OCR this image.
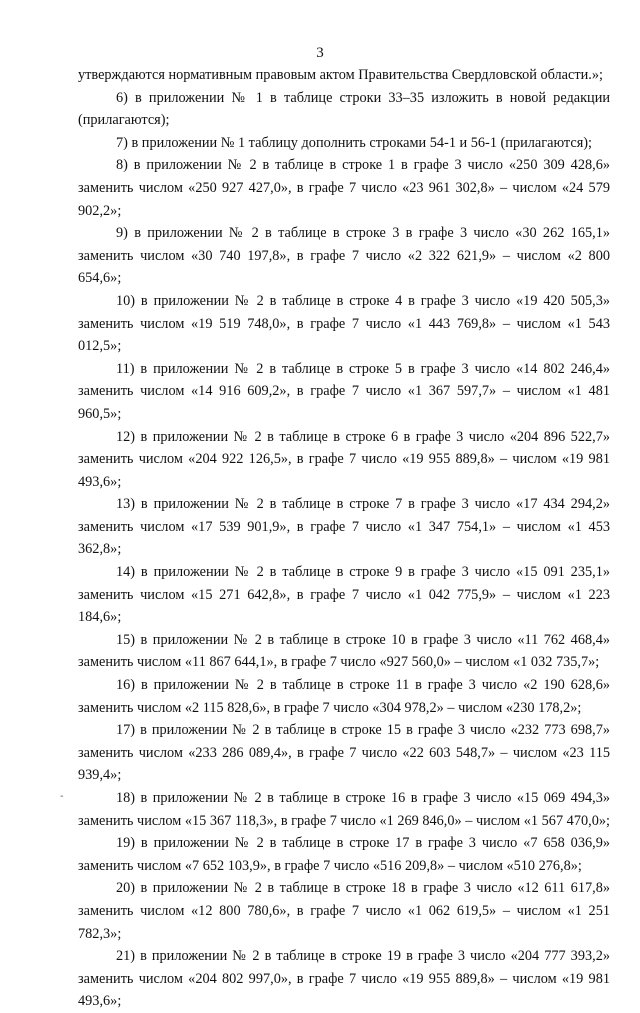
3

утверждаются нормативным правовым актом Правительства Свердловской области.»;

6) в приложении № 1 в таблице строки 33–35 изложить в новой редакции (прилагаются);

7) в приложении № 1 таблицу дополнить строками 54-1 и 56-1 (прилагаются);

8) в приложении № 2 в таблице в строке 1 в графе 3 число «250 309 428,6» заменить числом «250 927 427,0», в графе 7 число «23 961 302,8» – числом «24 579 902,2»;

9) в приложении № 2 в таблице в строке 3 в графе 3 число «30 262 165,1» заменить числом «30 740 197,8», в графе 7 число «2 322 621,9» – числом «2 800 654,6»;

10) в приложении № 2 в таблице в строке 4 в графе 3 число «19 420 505,3» заменить числом «19 519 748,0», в графе 7 число «1 443 769,8» – числом «1 543 012,5»;

11) в приложении № 2 в таблице в строке 5 в графе 3 число «14 802 246,4» заменить числом «14 916 609,2», в графе 7 число «1 367 597,7» – числом «1 481 960,5»;

12) в приложении № 2 в таблице в строке 6 в графе 3 число «204 896 522,7» заменить числом «204 922 126,5», в графе 7 число «19 955 889,8» – числом «19 981 493,6»;

13) в приложении № 2 в таблице в строке 7 в графе 3 число «17 434 294,2» заменить числом «17 539 901,9», в графе 7 число «1 347 754,1» – числом «1 453 362,8»;

14) в приложении № 2 в таблице в строке 9 в графе 3 число «15 091 235,1» заменить числом «15 271 642,8», в графе 7 число «1 042 775,9» – числом «1 223 184,6»;

15) в приложении № 2 в таблице в строке 10 в графе 3 число «11 762 468,4» заменить числом «11 867 644,1», в графе 7 число «927 560,0» – числом «1 032 735,7»;

16) в приложении № 2 в таблице в строке 11 в графе 3 число «2 190 628,6» заменить числом «2 115 828,6», в графе 7 число «304 978,2» – числом «230 178,2»;

17) в приложении № 2 в таблице в строке 15 в графе 3 число «232 773 698,7» заменить числом «233 286 089,4», в графе 7 число «22 603 548,7» – числом «23 115 939,4»;

18) в приложении № 2 в таблице в строке 16 в графе 3 число «15 069 494,3» заменить числом «15 367 118,3», в графе 7 число «1 269 846,0» – числом «1 567 470,0»;

19) в приложении № 2 в таблице в строке 17 в графе 3 число «7 658 036,9» заменить числом «7 652 103,9», в графе 7 число «516 209,8» – числом «510 276,8»;

20) в приложении № 2 в таблице в строке 18 в графе 3 число «12 611 617,8» заменить числом «12 800 780,6», в графе 7 число «1 062 619,5» – числом «1 251 782,3»;

21) в приложении № 2 в таблице в строке 19 в графе 3 число «204 777 393,2» заменить числом «204 802 997,0», в графе 7 число «19 955 889,8» – числом «19 981 493,6»;

-
